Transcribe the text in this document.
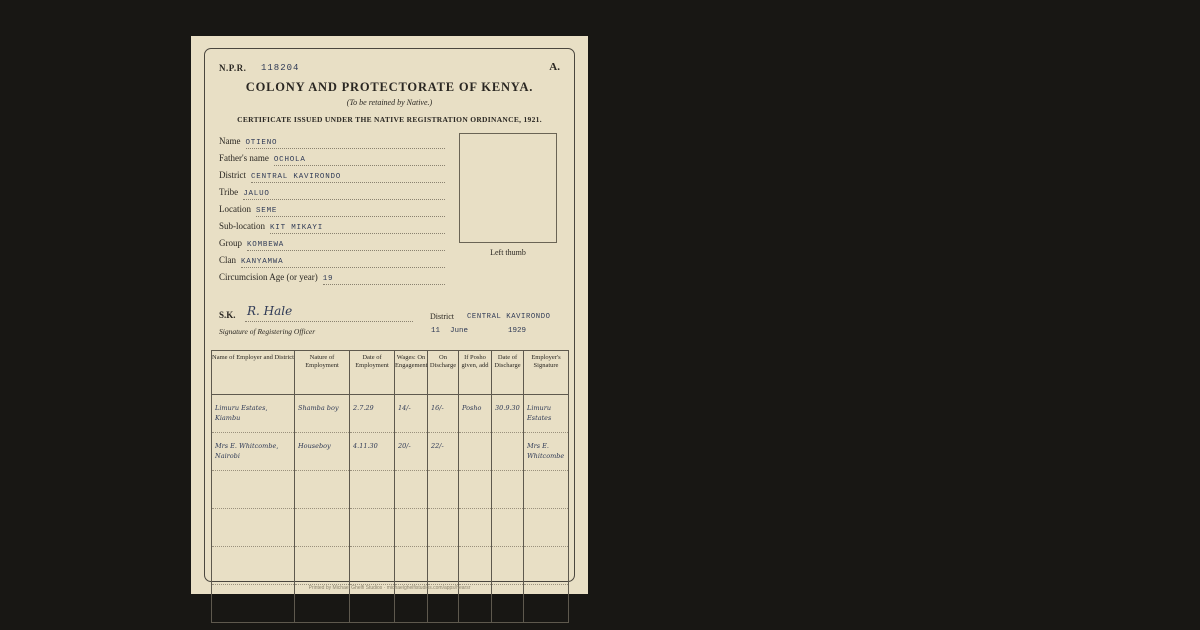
N.P.R. 118204	A.
COLONY AND PROTECTORATE OF KENYA.
(To be retained by Native.)
CERTIFICATE ISSUED UNDER THE NATIVE REGISTRATION ORDINANCE, 1921.
Name OTIENO
Father's name OCHOLA
District CENTRAL KAVIRONDO
Tribe JALUO
Location SEME
Sub-location KIT MIKAYI
Group KOMBEWA
Clan KANYAMWA
Circumcision Age (or year) 19
Left thumb
S.K. R. Hale
Signature of Registering Officer
District CENTRAL KAVIRONDO
11 June	1929
Name of Employer and District	Nature of Employment	Date of Employment	Wages: On Engagement	On Discharge	If Posho given, add	Date of Discharge	Employer's Signature

Limuru Estates,
Kiambu	Shamba boy	2.7.29	14/-	16/-	Posho	30.9.30	Limuru
Estates

Mrs E. Whitcombe,
Nairobi	Houseboy	4.11.30	20/-	22/-			Mrs E.
Whitcombe

Printed by Michael Ghelfi Studios · michaelghelfistudios.com/apps/hearsr
